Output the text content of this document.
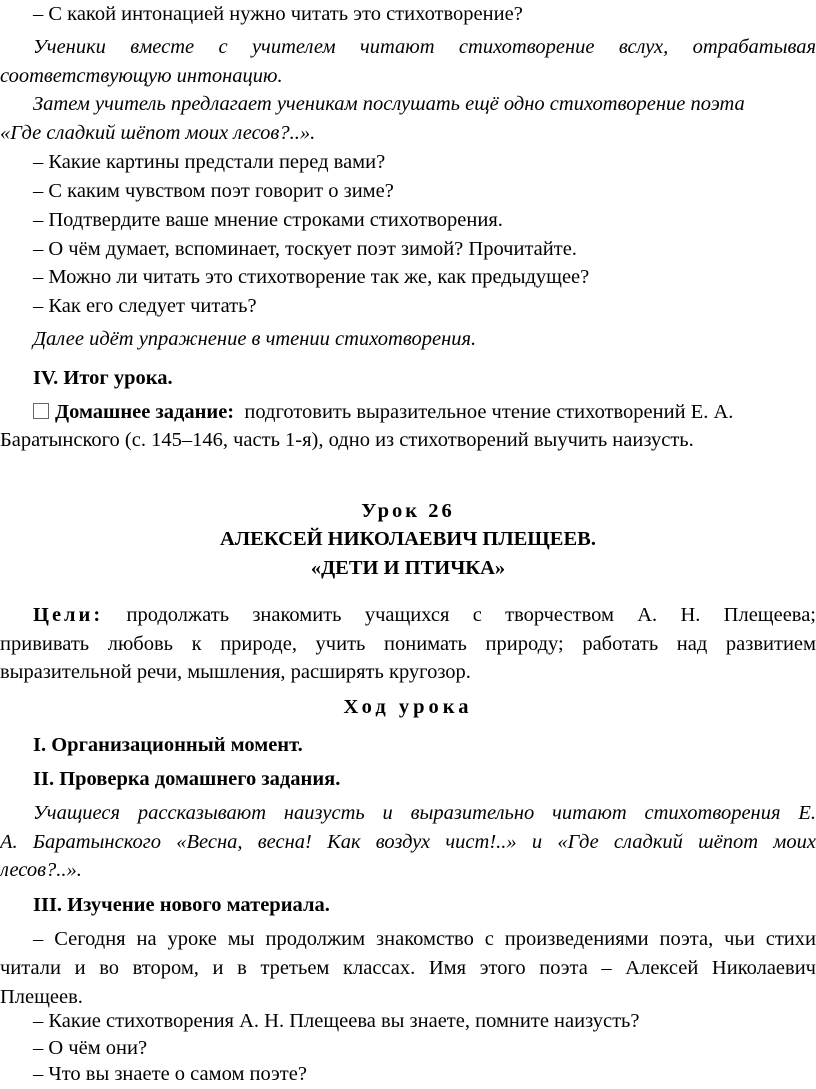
– С какой интонацией нужно читать это стихотворение?
Ученики вместе с учителем читают стихотворение вслух, отрабатывая
соответствующую интонацию.
Затем учитель предлагает ученикам послушать ещё одно стихотворение поэта
«Где сладкий шёпот моих лесов?..».
– Какие картины предстали перед вами?
– С каким чувством поэт говорит о зиме?
– Подтвердите ваше мнение строками стихотворения.
– О чём думает, вспоминает, тоскует поэт зимой? Прочитайте.
– Можно ли читать это стихотворение так же, как предыдущее?
– Как его следует читать?
Далее идёт упражнение в чтении стихотворения.
IV. Итог урока.
Домашнее задание: подготовить выразительное чтение стихотворений Е. А.
Баратынского (с. 145–146, часть 1-я), одно из стихотворений выучить наизусть.
Урок 26
АЛЕКСЕЙ НИКОЛАЕВИЧ ПЛЕЩЕЕВ.
«ДЕТИ И ПТИЧКА»
Цели: продолжать знакомить учащихся с творчеством А. Н. Плещеева;
прививать любовь к природе, учить понимать природу; работать над развитием
выразительной речи, мышления, расширять кругозор.
Ход урока
I. Организационный момент.
II. Проверка домашнего задания.
Учащиеся рассказывают наизусть и выразительно читают стихотворения Е.
А. Баратынского «Весна, весна! Как воздух чист!..» и «Где сладкий шёпот моих
лесов?..».
III. Изучение нового материала.
– Сегодня на уроке мы продолжим знакомство с произведениями поэта, чьи стихи
читали и во втором, и в третьем классах. Имя этого поэта – Алексей Николаевич
Плещеев.
– Какие стихотворения А. Н. Плещеева вы знаете, помните наизусть?
– О чём они?
– Что вы знаете о самом поэте?
